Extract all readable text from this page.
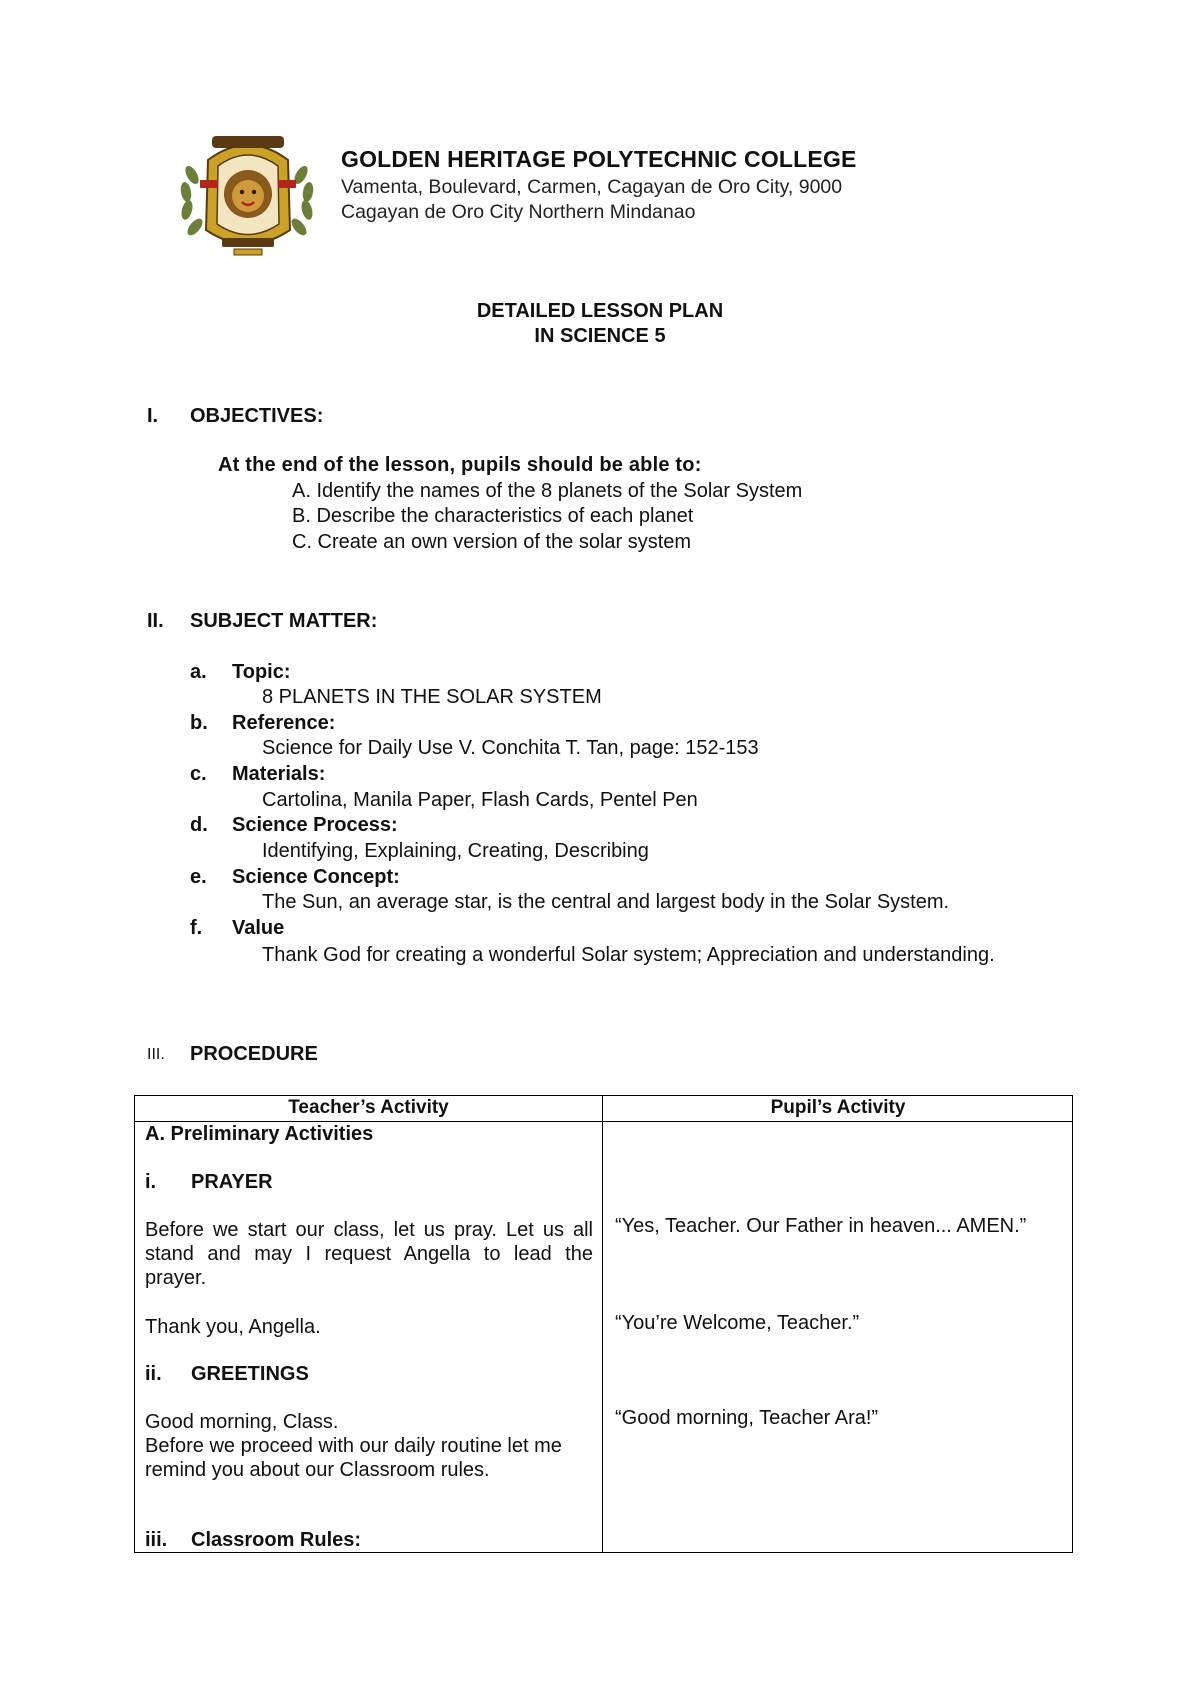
GOLDEN HERITAGE POLYTECHNIC COLLEGE
Vamenta, Boulevard, Carmen, Cagayan de Oro City, 9000
Cagayan de Oro City Northern Mindanao
DETAILED LESSON PLAN
IN SCIENCE 5
I. OBJECTIVES:
At the end of the lesson, pupils should be able to:
A. Identify the names of the 8 planets of the Solar System
B. Describe the characteristics of each planet
C. Create an own version of the solar system
II. SUBJECT MATTER:
a. Topic:
8 PLANETS IN THE SOLAR SYSTEM
b. Reference:
Science for Daily Use V. Conchita T. Tan, page: 152-153
c. Materials:
Cartolina, Manila Paper, Flash Cards, Pentel Pen
d. Science Process:
Identifying, Explaining, Creating, Describing
e. Science Concept:
The Sun, an average star, is the central and largest body in the Solar System.
f. Value
Thank God for creating a wonderful Solar system; Appreciation and understanding.
III. PROCEDURE
Teacher’s Activity	Pupil’s Activity
A. Preliminary Activities
i. PRAYER
Before we start our class, let us pray. Let us all stand and may I request Angella to lead the prayer.
Thank you, Angella.
ii. GREETINGS
Good morning, Class.
Before we proceed with our daily routine let me remind you about our Classroom rules.
iii. Classroom Rules:
“Yes, Teacher. Our Father in heaven... AMEN.”
“You’re Welcome, Teacher.”
“Good morning, Teacher Ara!”
